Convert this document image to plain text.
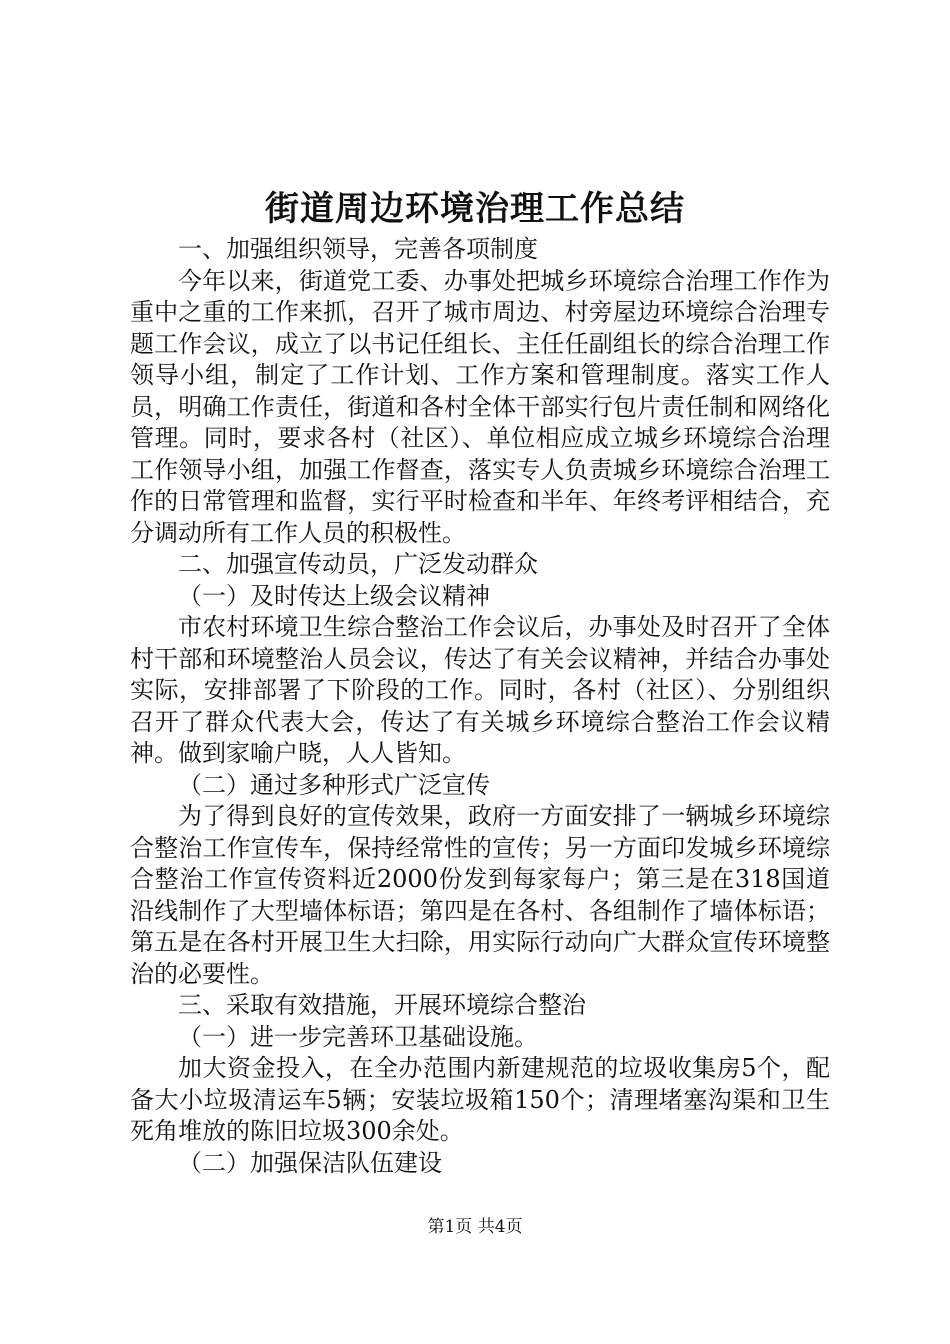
街道周边环境治理工作总结

一、加强组织领导，完善各项制度

今年以来，街道党工委、办事处把城乡环境综合治理工作作为重中之重的工作来抓，召开了城市周边、村旁屋边环境综合治理专题工作会议，成立了以书记任组长、主任任副组长的综合治理工作领导小组，制定了工作计划、工作方案和管理制度。落实工作人员，明确工作责任，街道和各村全体干部实行包片责任制和网络化管理。同时，要求各村（社区）、单位相应成立城乡环境综合治理工作领导小组，加强工作督查，落实专人负责城乡环境综合治理工作的日常管理和监督，实行平时检查和半年、年终考评相结合，充分调动所有工作人员的积极性。

二、加强宣传动员，广泛发动群众

（一）及时传达上级会议精神

市农村环境卫生综合整治工作会议后，办事处及时召开了全体村干部和环境整治人员会议，传达了有关会议精神，并结合办事处实际，安排部署了下阶段的工作。同时，各村（社区）、分别组织召开了群众代表大会，传达了有关城乡环境综合整治工作会议精神。做到家喻户晓，人人皆知。

（二）通过多种形式广泛宣传

为了得到良好的宣传效果，政府一方面安排了一辆城乡环境综合整治工作宣传车，保持经常性的宣传；另一方面印发城乡环境综合整治工作宣传资料近2000份发到每家每户；第三是在318国道沿线制作了大型墙体标语；第四是在各村、各组制作了墙体标语；第五是在各村开展卫生大扫除，用实际行动向广大群众宣传环境整治的必要性。

三、采取有效措施，开展环境综合整治

（一）进一步完善环卫基础设施。

加大资金投入，在全办范围内新建规范的垃圾收集房5个，配备大小垃圾清运车5辆；安装垃圾箱150个；清理堵塞沟渠和卫生死角堆放的陈旧垃圾300余处。

（二）加强保洁队伍建设

第1页 共4页
